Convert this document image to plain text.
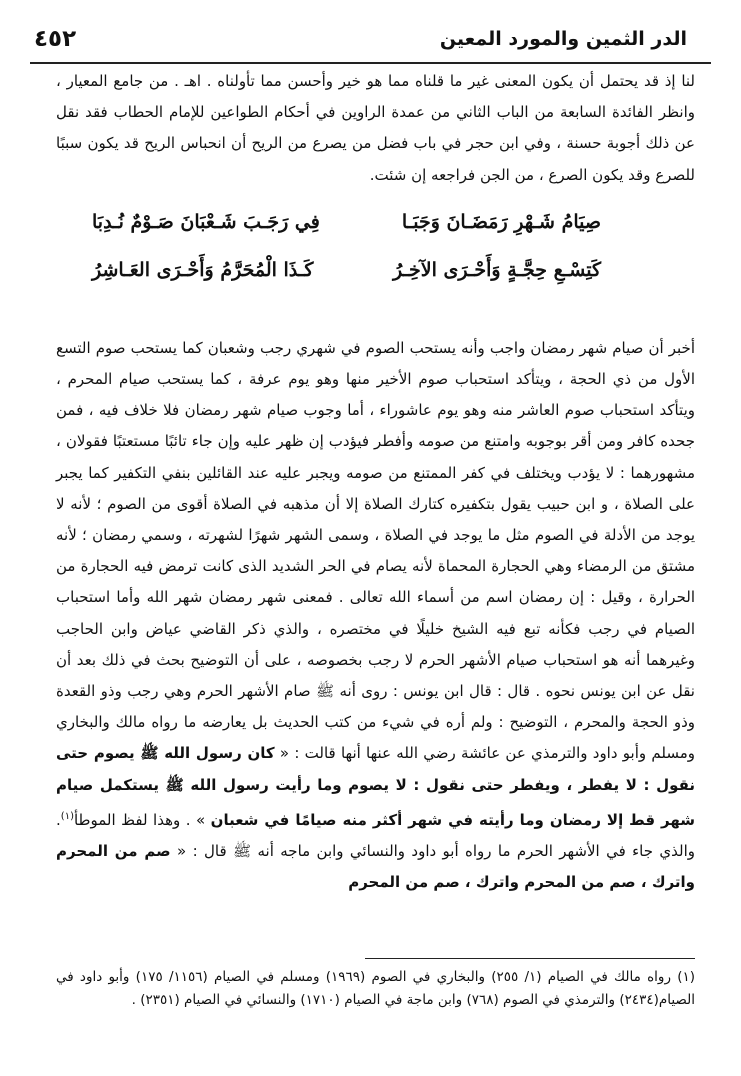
الدر الثمين والمورد المعين
٤٥٢

لنا إذ قد يحتمل أن يكون المعنى غير ما قلناه مما هو خير وأحسن مما تأولناه . اهـ . من جامع المعيار ، وانظر الفائدة السابعة من الباب الثاني من عمدة الراوين في أحكام الطواعين للإمام الحطاب فقد نقل عن ذلك أجوبة حسنة ، وفي ابن حجر في باب فضل من يصرع من الريح أن انحباس الريح قد يكون سببًا للصرع وقد يكون الصرع ، من الجن فراجعه إن شئت.

صِيَامُ شَـهْرِ رَمَضَـانَ وَجَبَـا
فِي رَجَـبَ شَـعْبَانَ صَـوْمٌ نُـدِبَا
كَتِسْـعِ حِجَّـةٍ وَأَحْـرَى الآخِـرُ
كَـذَا الْمُحَرَّمُ وَأَحْـرَى العَـاشِرُ

أخبر أن صيام شهر رمضان واجب وأنه يستحب الصوم في شهري رجب وشعبان كما يستحب صوم التسع الأول من ذي الحجة ، ويتأكد استحباب صوم الأخير منها وهو يوم عرفة ، كما يستحب صيام المحرم ، ويتأكد استحباب صوم العاشر منه وهو يوم عاشوراء ، أما وجوب صيام شهر رمضان فلا خلاف فيه ، فمن جحده كافر ومن أقر بوجوبه وامتنع من صومه وأفطر فيؤدب إن ظهر عليه وإن جاء تائبًا مستعتبًا فقولان ، مشهورهما : لا يؤدب ويختلف في كفر الممتنع من صومه ويجبر عليه عند القائلين بنفي التكفير كما يجبر على الصلاة ، و ابن حبيب يقول بتكفيره كتارك الصلاة إلا أن مذهبه في الصلاة أقوى من الصوم ؛ لأنه لا يوجد من الأدلة في الصوم مثل ما يوجد في الصلاة ، وسمى الشهر شهرًا لشهرته ، وسمي رمضان ؛ لأنه مشتق من الرمضاء وهي الحجارة المحماة لأنه يصام في الحر الشديد الذى كانت ترمض فيه الحجارة من الحرارة ، وقيل : إن رمضان اسم من أسماء الله تعالى . فمعنى شهر رمضان شهر الله وأما استحباب الصيام في رجب فكأنه تبع فيه الشيخ خليلًا في مختصره ، والذي ذكر القاضي عياض وابن الحاجب وغيرهما أنه هو استحباب صيام الأشهر الحرم لا رجب بخصوصه ، على أن التوضيح بحث في ذلك بعد أن نقل عن ابن يونس نحوه . قال : قال ابن يونس : روى أنه ﷺ صام الأشهر الحرم وهي رجب وذو القعدة وذو الحجة والمحرم ، التوضيح : ولم أره في شيء من كتب الحديث بل يعارضه ما رواه مالك والبخاري ومسلم وأبو داود والترمذي عن عائشة رضي الله عنها أنها قالت : « كان رسول الله ﷺ يصوم حتى نقول : لا يفطر ، ويفطر حتى نقول : لا يصوم وما رأيت رسول الله ﷺ يستكمل صيام شهر قط إلا رمضان وما رأيته في شهر أكثر منه صيامًا في شعبان » . وهذا لفظ الموطأ$^{(١)}$. والذي جاء في الأشهر الحرم ما رواه أبو داود والنسائي وابن ماجه أنه ﷺ قال : « صم من المحرم واترك ، صم من المحرم واترك ، صم من المحرم

(١) رواه مالك في الصيام (١/ ٢٥٥) والبخاري في الصوم (١٩٦٩) ومسلم في الصيام (١١٥٦/ ١٧٥) وأبو داود في الصيام(٢٤٣٤) والترمذي في الصوم (٧٦٨) وابن ماجة في الصيام (١٧١٠) والنسائي في الصيام (٢٣٥١) .
